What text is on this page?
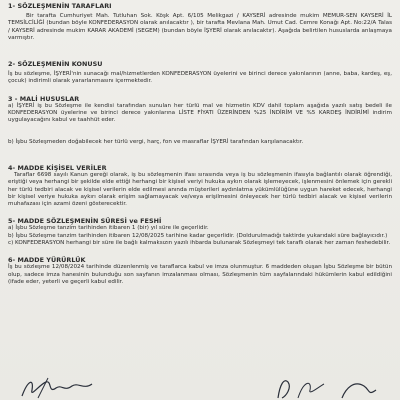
1- SÖZLEŞMENİN TARAFLARI

Bir tarafta Cumhuriyet Mah. Tutluhan Sok. Köşk Apt. 6/105 Melikgazi / KAYSERİ adresinde mukim MEMUR-SEN KAYSERİ İL TEMSİLCİLİĞİ (bundan böyle KONFEDERASYON olarak anılacaktır ), bir tarafta Mevlana Mah. Umut Cad. Cemre Konağı Apt. No:22/A Talas / KAYSERİ adresinde mukim KARAR AKADEMİ (SEGEM) (bundan böyle İŞYERİ olarak anılacaktır). Aşağıda belirtilen hususlarda anlaşmaya varmıştır.

2- SÖZLEŞMENİN KONUSU

İş bu sözleşme, İŞYERİ'nin sunacağı mal/hizmetlerden KONFEDERASYON üyelerini ve birinci derece yakınlarının (anne, baba, kardeş, eş, çocuk) indirimli olarak yararlanmasını içermektedir.

3 - MALİ HUSUSLAR

a) İŞYERİ iş bu Sözleşme ile kendisi tarafından sunulan her türlü mal ve hizmetin KDV dahil toplam aşağıda yazılı satış bedeli ile KONFEDERASYON üyelerine ve birinci derece yakınlarına LİSTE FİYATI ÜZERİNDEN %25 İNDİRİM VE %5 KARDEŞ İNDİRİMİ indirim uygulayacağını kabul ve taahhüt eder.

b) İşbu Sözleşmeden doğabilecek her türlü vergi, harç, fon ve masraflar İŞYERİ tarafından karşılanacaktır.

4- MADDE KİŞİSEL VERİLER

Taraflar 6698 sayılı Kanun gereği olarak, iş bu sözleşmenin ifası sırasında veya iş bu sözleşmenin ifasıyla bağlantılı olarak öğrendiği, eriştiği veya herhangi bir şekilde elde ettiği herhangi bir kişisel veriyi hukuka aykırı olarak işlemeyecek, işlenmesini önlemek için gerekli her türlü tedbiri alacak ve kişisel verilerin elde edilmesi anında müşterileri aydınlatma yükümlülüğüne uygun hareket edecek, herhangi bir kişisel veriye hukuka aykırı olarak erişim sağlamayacak ve/veya erişilmesini önleyecek her türlü tedbiri alacak ve kişisel verilerin muhafazası için azami özeni gösterecektir.

5- MADDE SÖZLEŞMENİN SÜRESİ ve FESHİ

a) İşbu Sözleşme tanzim tarihinden itibaren 1 (bir) yıl süre ile geçerlidir.

b) İşbu Sözleşme tanzim tarihinden itibaren 12/08/2025 tarihine kadar geçerlidir. (Doldurulmadığı taktirde yukarıdaki süre bağlayıcıdır.)

c) KONFEDERASYON herhangi bir süre ile bağlı kalmaksızın yazılı ihbarda bulunarak Sözleşmeyi tek taraflı olarak her zaman feshedebilir.

6- MADDE YÜRÜRLÜK

İş bu sözleşme 12/08/2024 tarihinde düzenlenmiş ve taraflarca kabul ve imza olunmuştur. 6 maddeden oluşan İşbu Sözleşme bir bütün olup, sadece imza hanesinin bulunduğu son sayfanın imzalanması olması, Sözleşmenin tüm sayfalarındaki hükümlerin kabul edildiğini (ifade eder, yeterli ve geçerli kabul edilir.
